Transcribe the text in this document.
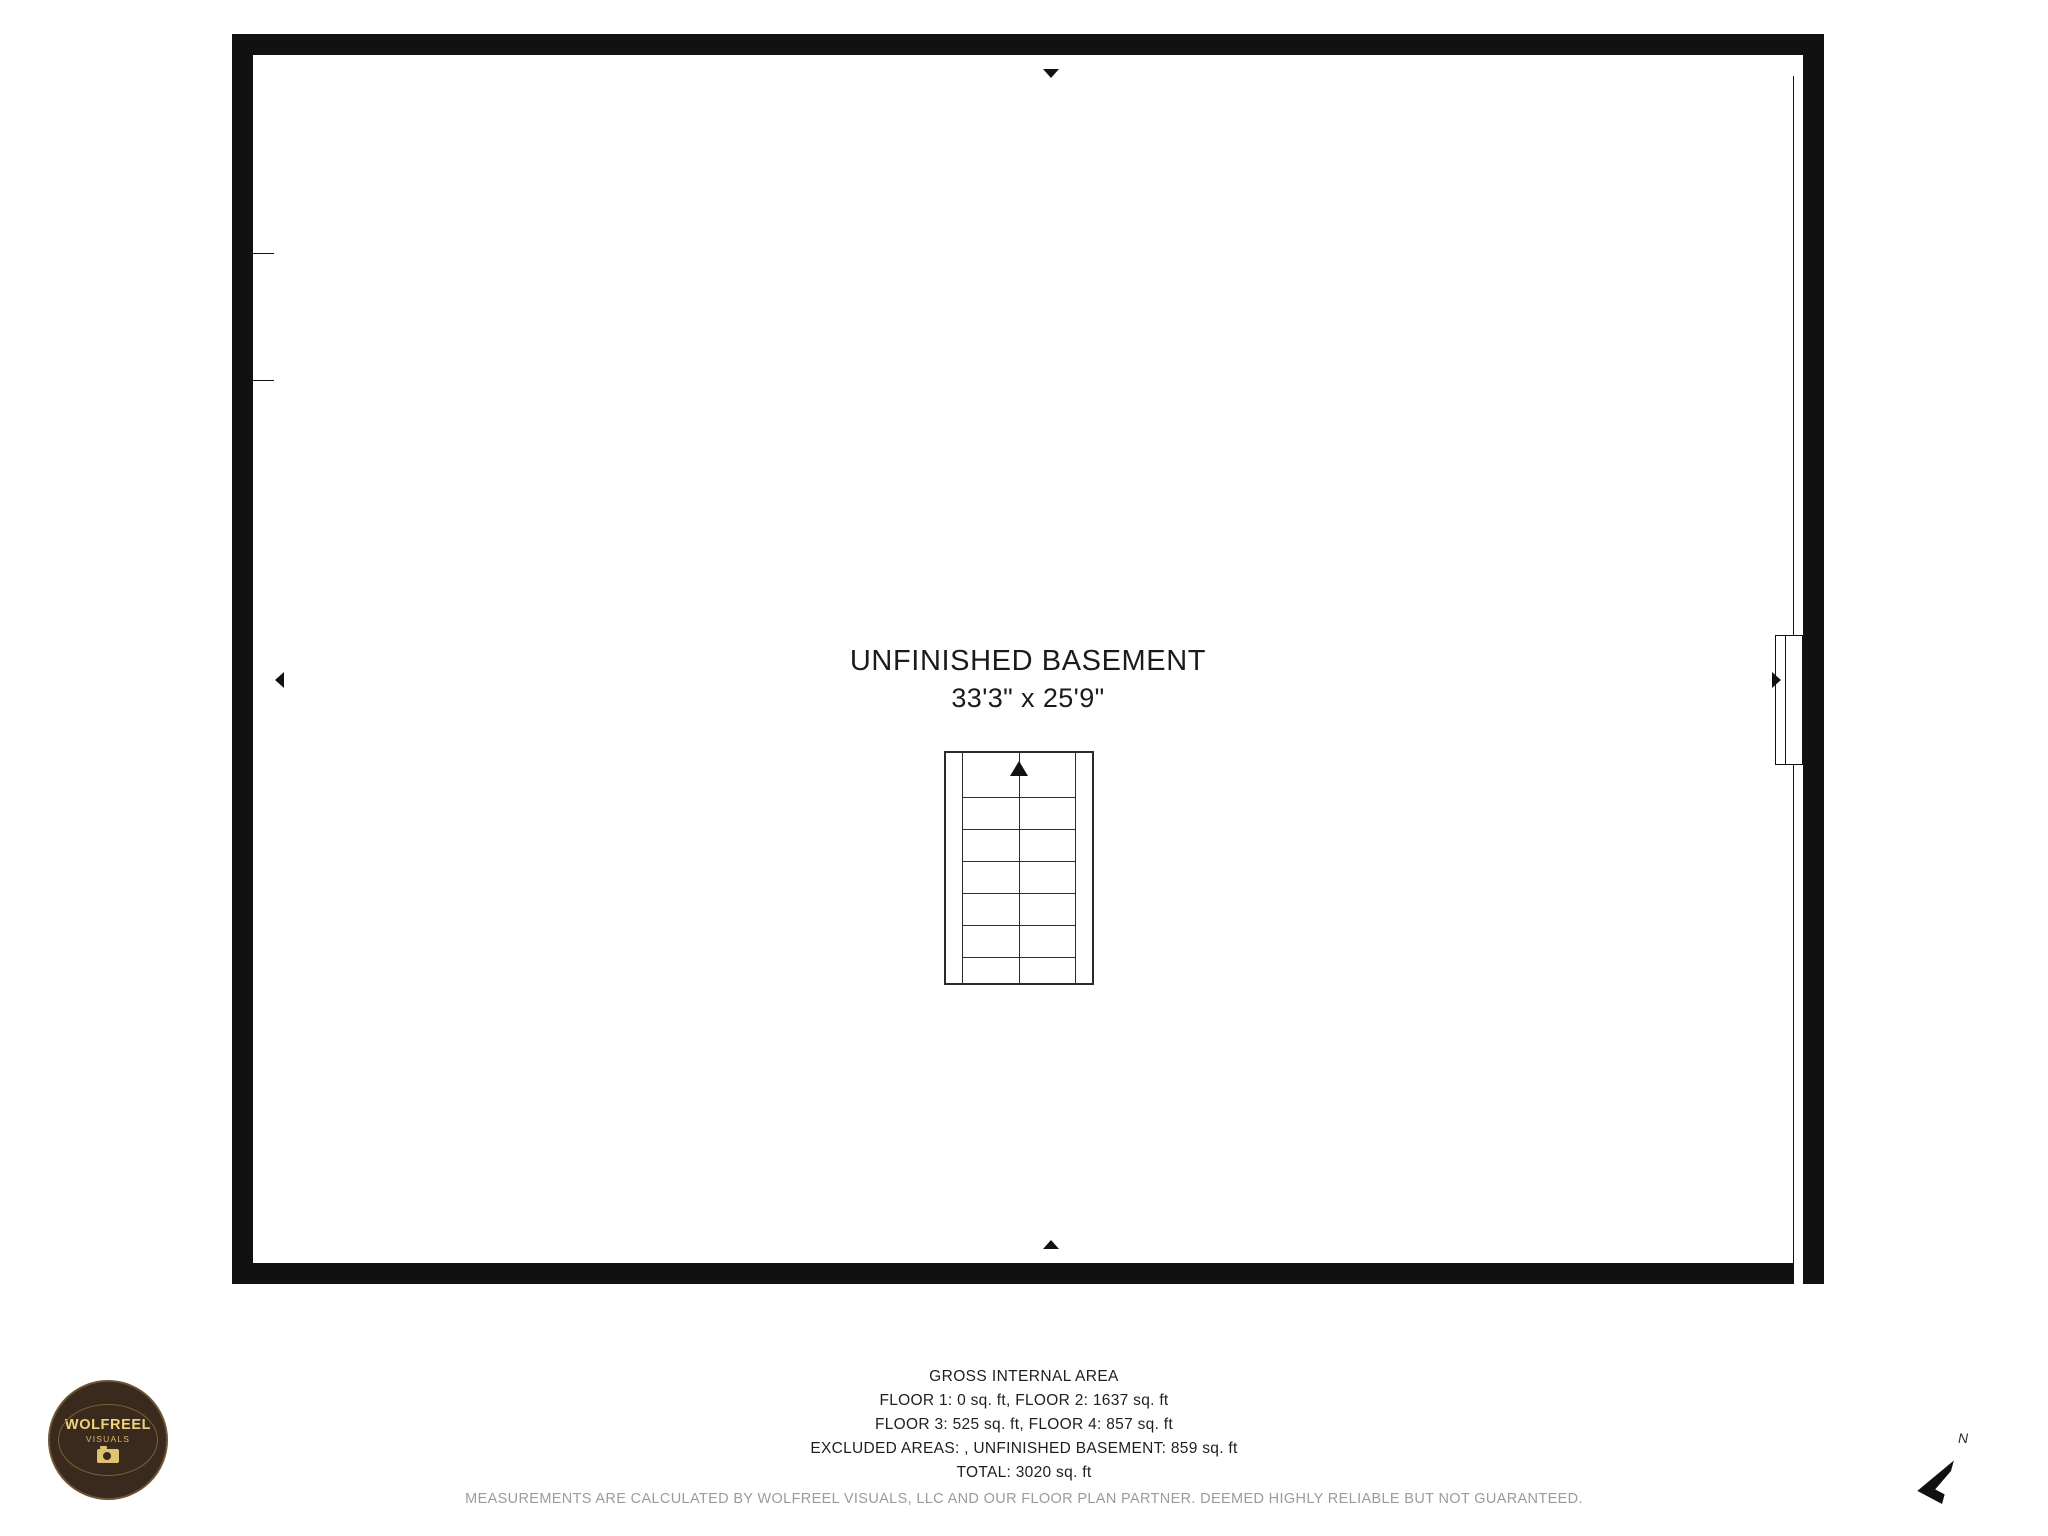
UNFINISHED BASEMENT
33'3" x 25'9"
GROSS INTERNAL AREA
FLOOR 1: 0 sq. ft, FLOOR 2: 1637 sq. ft
FLOOR 3: 525 sq. ft, FLOOR 4: 857 sq. ft
EXCLUDED AREAS: , UNFINISHED BASEMENT: 859 sq. ft
TOTAL: 3020 sq. ft
MEASUREMENTS ARE CALCULATED BY WOLFREEL VISUALS, LLC AND OUR FLOOR PLAN PARTNER. DEEMED HIGHLY RELIABLE BUT NOT GUARANTEED.
WOLFREEL
VISUALS	N
